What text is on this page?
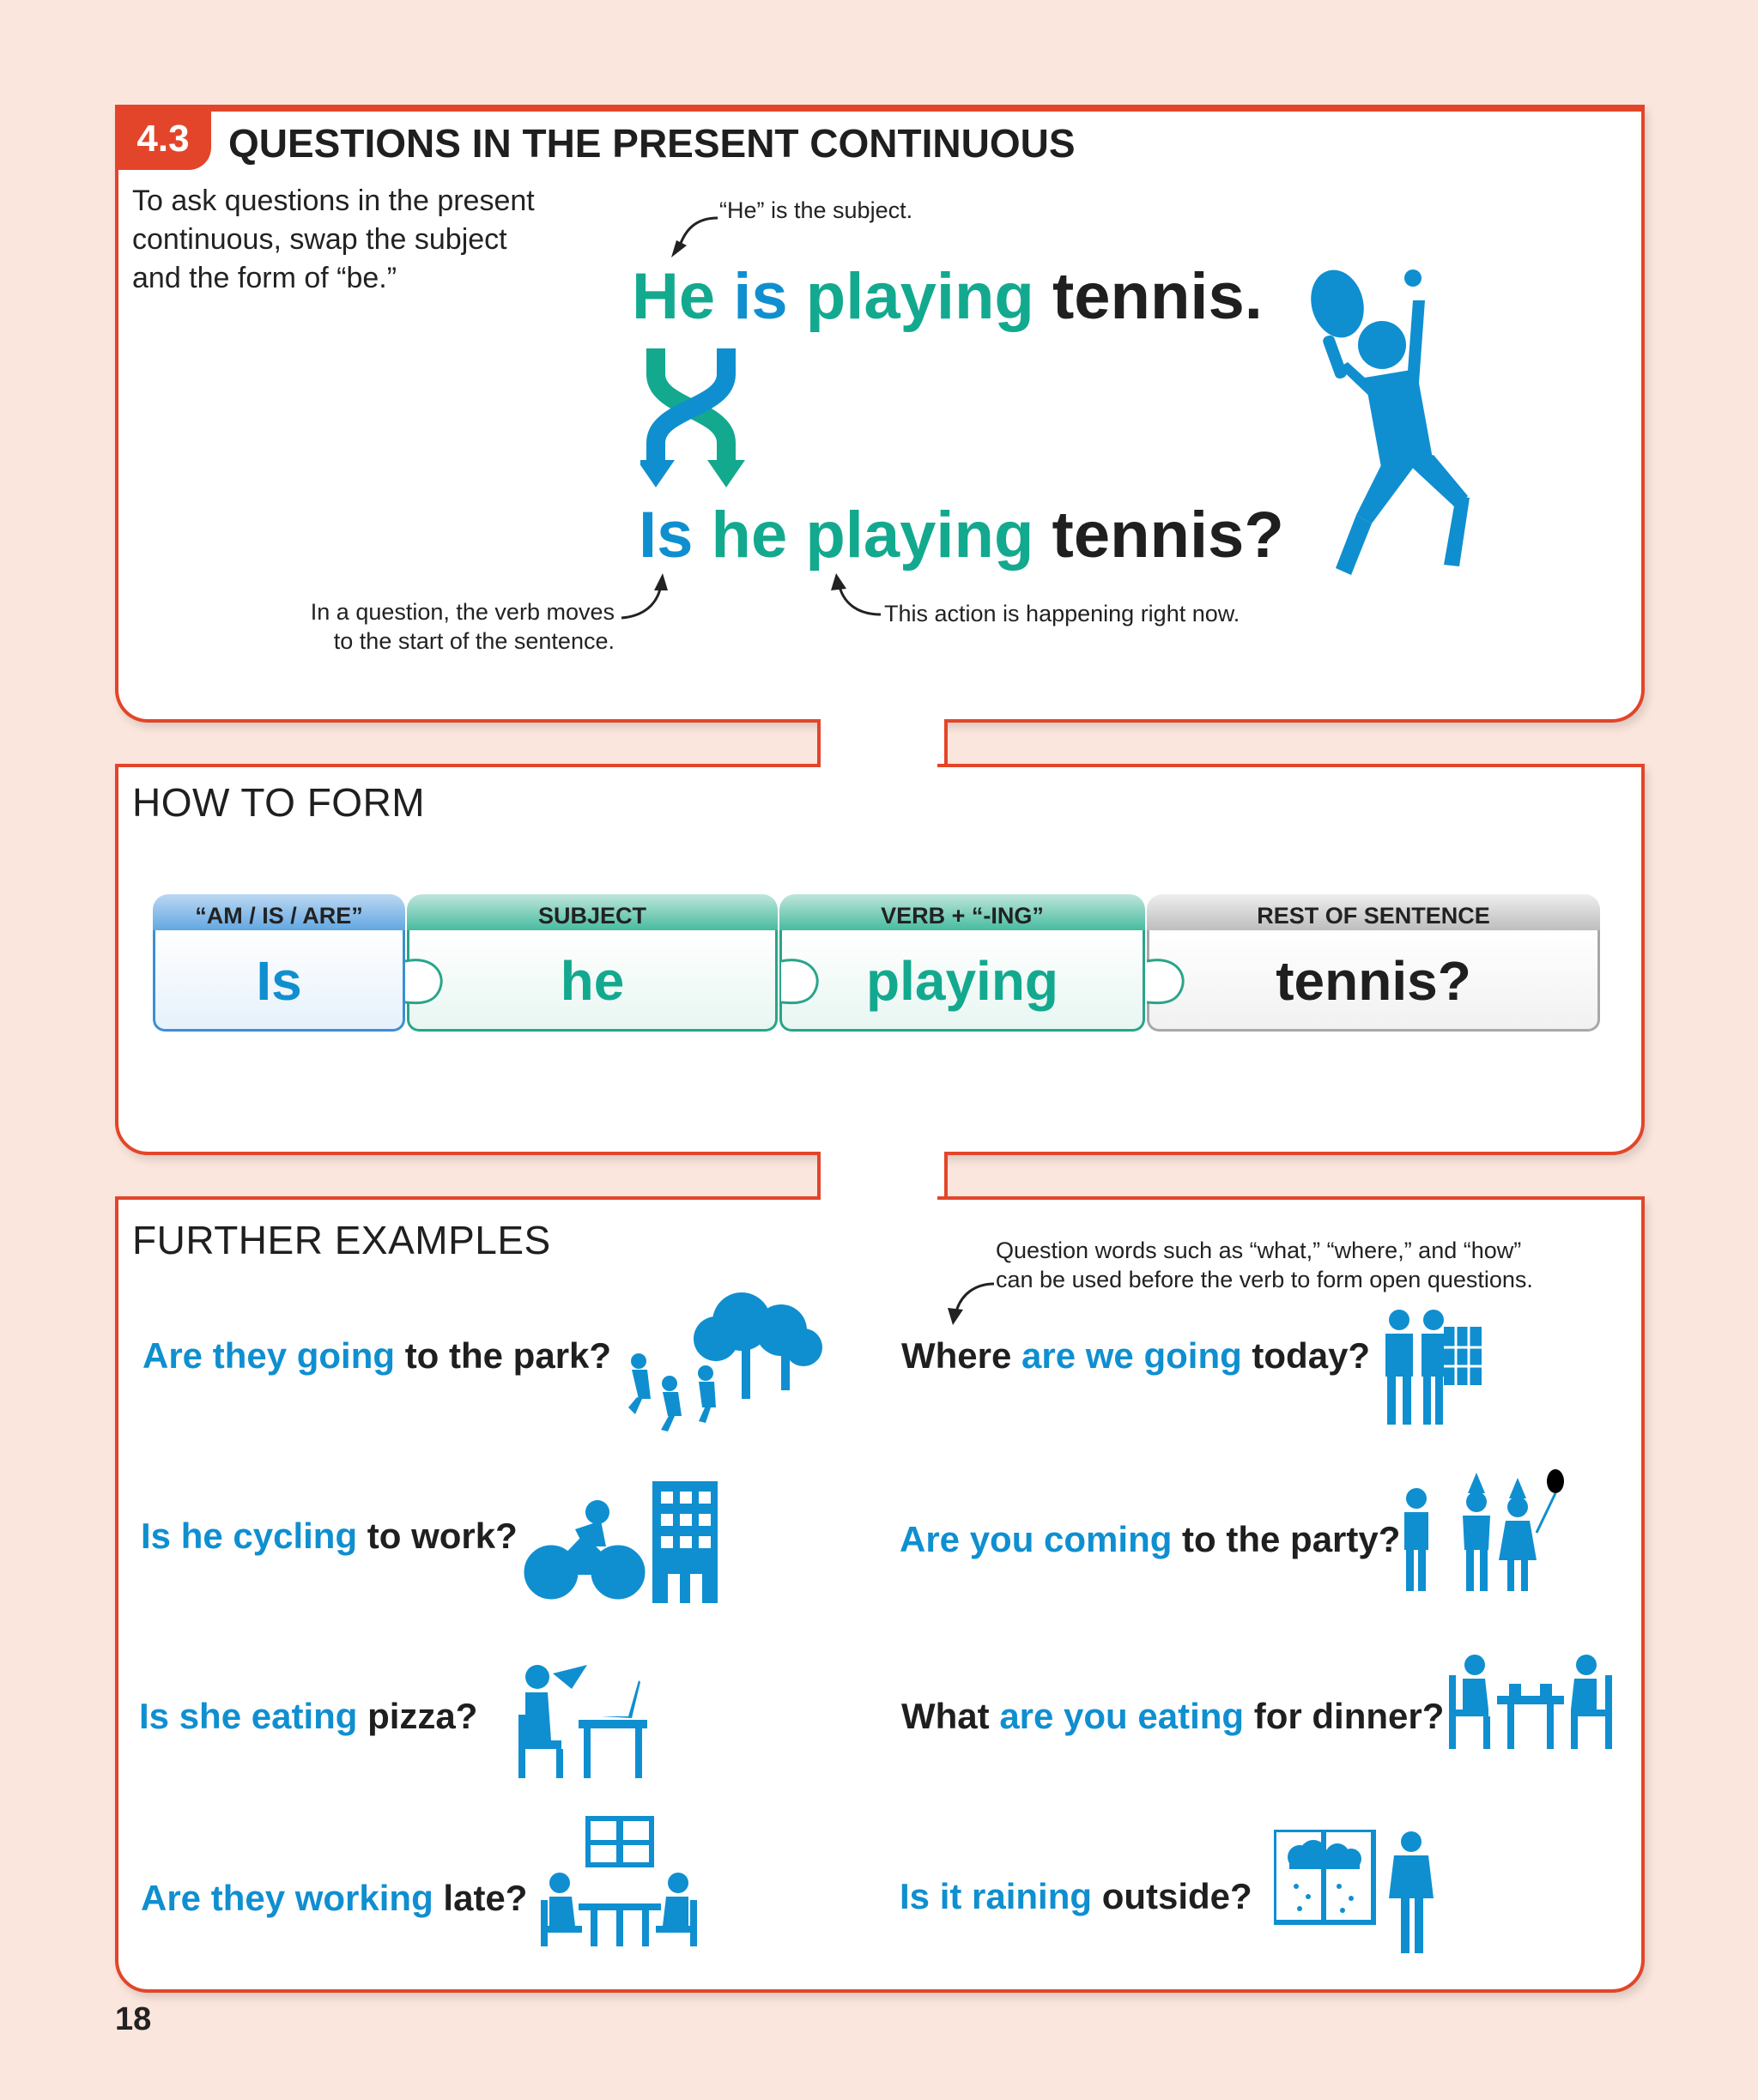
4.3 QUESTIONS IN THE PRESENT CONTINUOUS
To ask questions in the present continuous, swap the subject and the form of “be.”
“He” is the subject.
He is playing tennis.
Is he playing tennis?
In a question, the verb moves
to the start of the sentence.
This action is happening right now.
HOW TO FORM
“AM / IS / ARE”
Is
SUBJECT
he
VERB + “-ING”
playing
REST OF SENTENCE
tennis?
FURTHER EXAMPLES	Question words such as “what,” “where,” and “how”
can be used before the verb to form open questions.
Are they going to the park?
Is he cycling to work?
Is she eating pizza?
Are they working late?
Where are we going today?
Are you coming to the party?
What are you eating for dinner?
Is it raining outside?
18
